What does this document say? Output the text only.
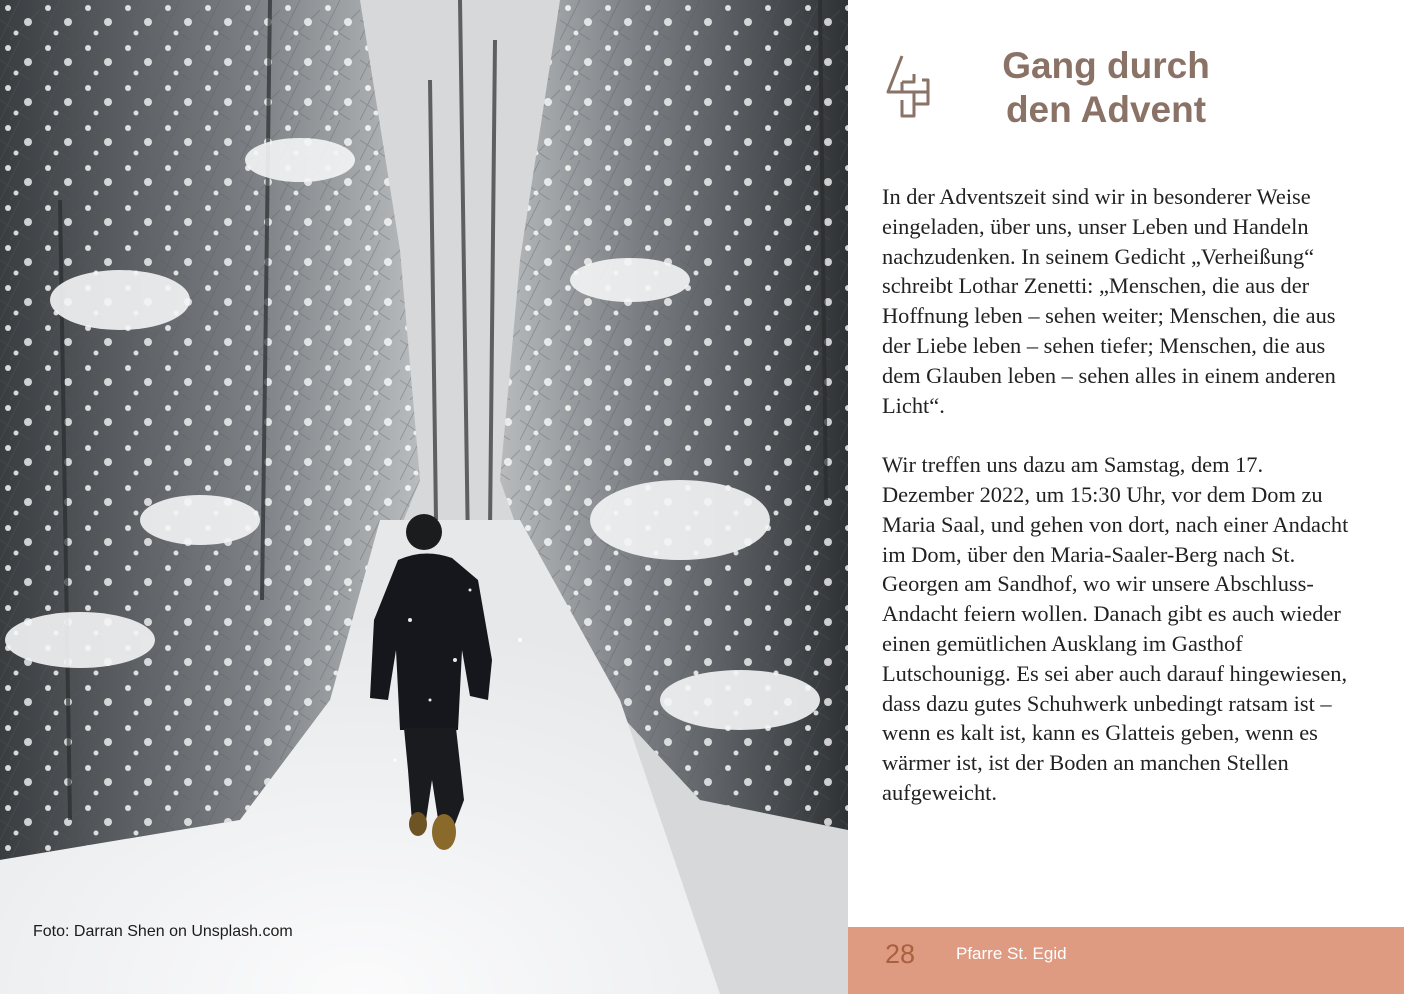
Foto: Darran Shen on Unsplash.com
Gang durch
den Advent

In der Adventszeit sind wir in besonderer Weise eingeladen, über uns, unser Leben und Handeln nachzudenken. In seinem Gedicht „Verheißung“ schreibt Lothar Zenetti: „Menschen, die aus der Hoffnung leben – sehen weiter; Menschen, die aus der Liebe leben – sehen tiefer; Menschen, die aus dem Glauben leben – sehen alles in einem anderen Licht“.

Wir treffen uns dazu am Samstag, dem 17. Dezember 2022, um 15:30 Uhr, vor dem Dom zu Maria Saal, und gehen von dort, nach einer Andacht im Dom, über den Maria-Saaler-Berg nach St. Georgen am Sandhof, wo wir unsere Abschluss-Andacht feiern wollen. Danach gibt es auch wieder einen gemütlichen Ausklang im Gasthof Lutschounigg. Es sei aber auch darauf hingewiesen, dass dazu gutes Schuhwerk unbedingt ratsam ist – wenn es kalt ist, kann es Glatteis geben, wenn es wärmer ist, ist der Boden an manchen Stellen aufgeweicht.

28 Pfarre St. Egid
